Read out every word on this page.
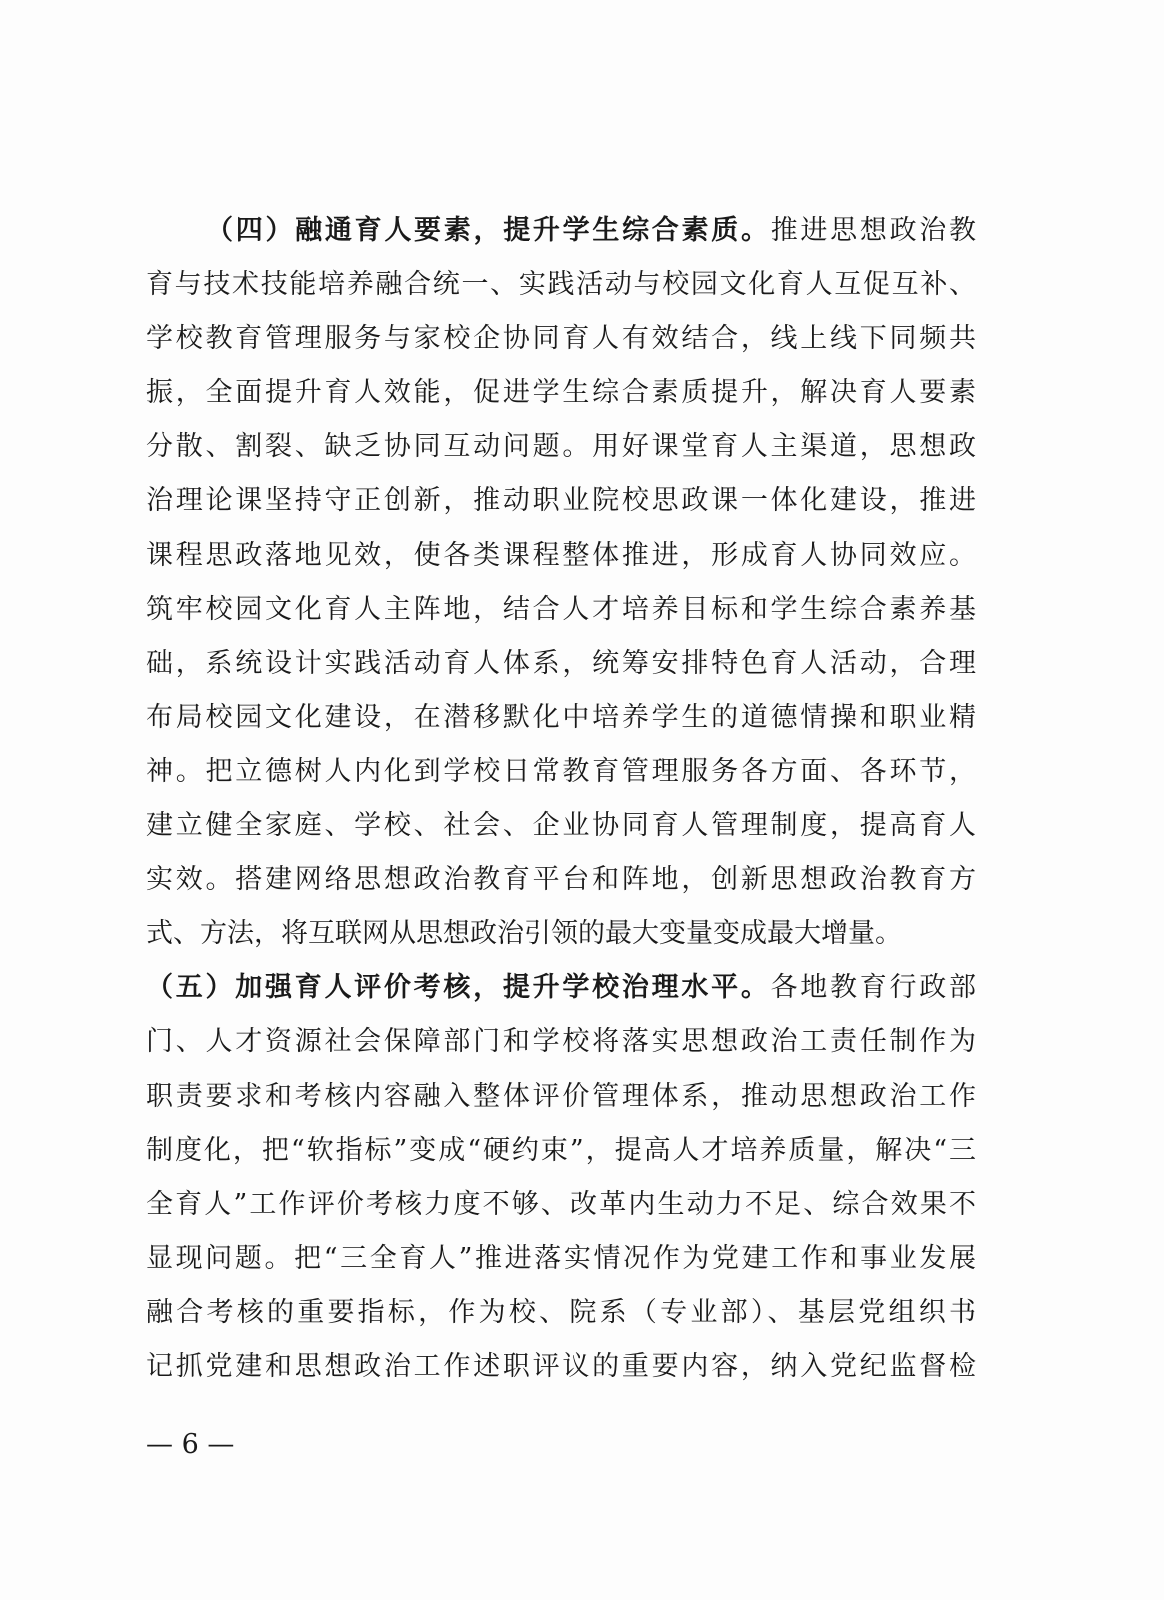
（四）融通育人要素，提升学生综合素质。推进思想政治教
育与技术技能培养融合统一、实践活动与校园文化育人互促互补、
学校教育管理服务与家校企协同育人有效结合，线上线下同频共
振，全面提升育人效能，促进学生综合素质提升，解决育人要素
分散、割裂、缺乏协同互动问题。用好课堂育人主渠道，思想政
治理论课坚持守正创新，推动职业院校思政课一体化建设，推进
课程思政落地见效，使各类课程整体推进，形成育人协同效应。
筑牢校园文化育人主阵地，结合人才培养目标和学生综合素养基
础，系统设计实践活动育人体系，统筹安排特色育人活动，合理
布局校园文化建设，在潜移默化中培养学生的道德情操和职业精
神。把立德树人内化到学校日常教育管理服务各方面、各环节，
建立健全家庭、学校、社会、企业协同育人管理制度，提高育人
实效。搭建网络思想政治教育平台和阵地，创新思想政治教育方
式、方法，将互联网从思想政治引领的最大变量变成最大增量。
（五）加强育人评价考核，提升学校治理水平。各地教育行政部
门、人才资源社会保障部门和学校将落实思想政治工责任制作为
职责要求和考核内容融入整体评价管理体系，推动思想政治工作
制度化，把“软指标”变成“硬约束”，提高人才培养质量，解决“三
全育人”工作评价考核力度不够、改革内生动力不足、综合效果不
显现问题。把“三全育人”推进落实情况作为党建工作和事业发展
融合考核的重要指标，作为校、院系（专业部）、基层党组织书
记抓党建和思想政治工作述职评议的重要内容，纳入党纪监督检
— 6 —
